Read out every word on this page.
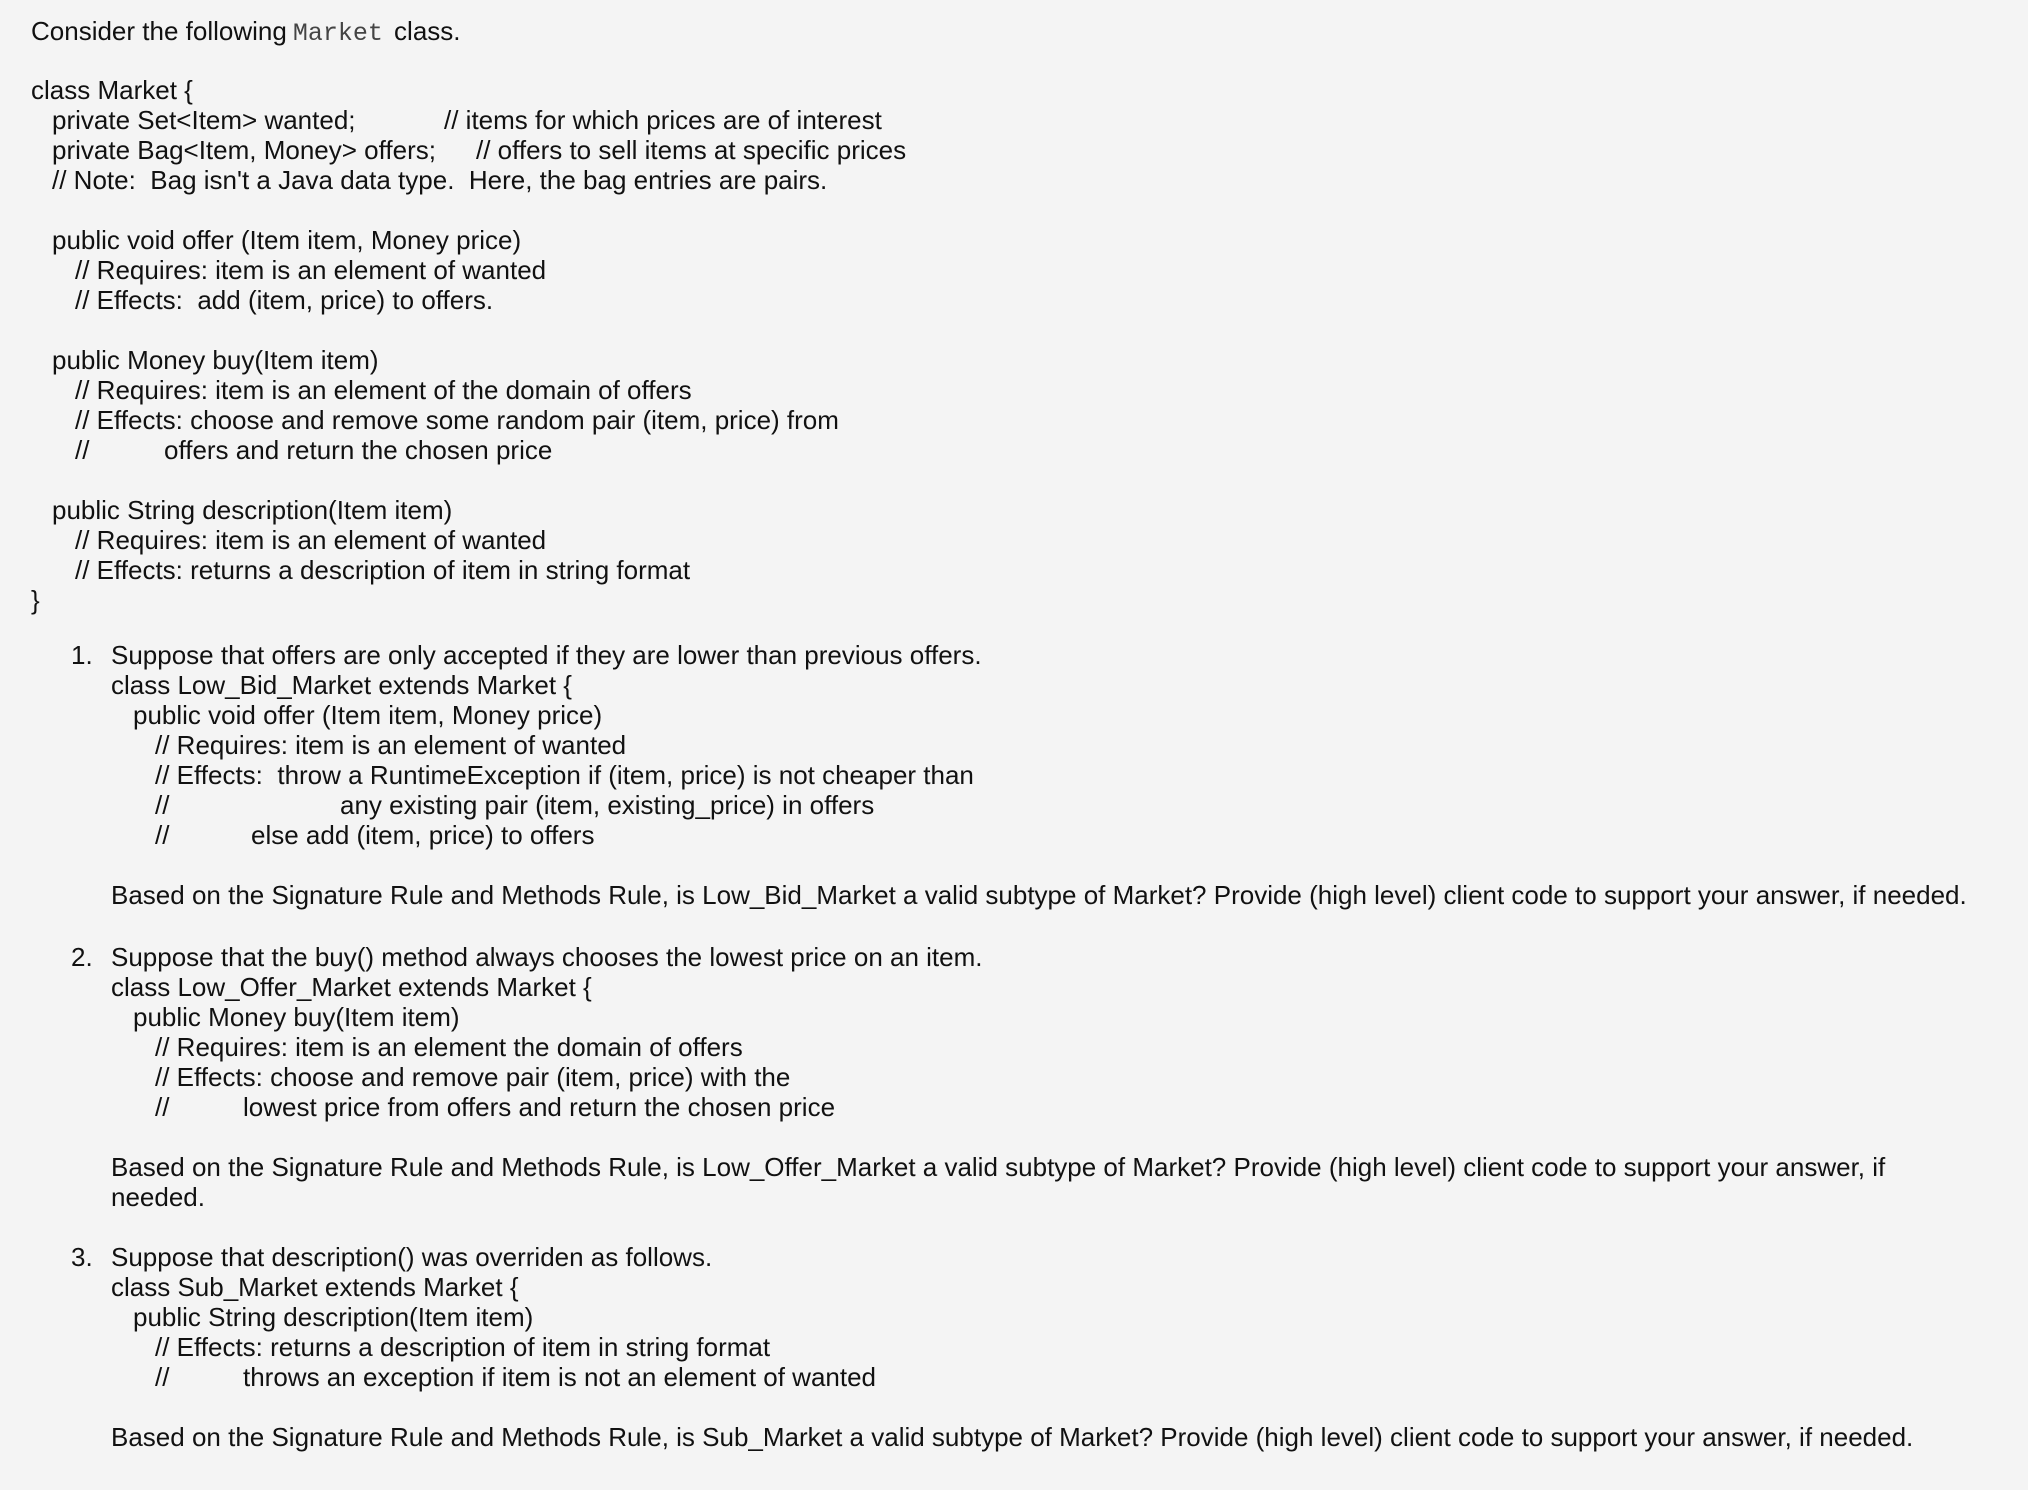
Consider the following Market class.
class Market {
private Set<Item> wanted;	// items for which prices are of interest
private Bag<Item, Money> offers; // offers to sell items at specific prices
// Note:  Bag isn't a Java data type.  Here, the bag entries are pairs.
public void offer (Item item, Money price)
// Requires: item is an element of wanted
// Effects:  add (item, price) to offers.
public Money buy(Item item)
// Requires: item is an element of the domain of offers
// Effects: choose and remove some random pair (item, price) from
//	offers and return the chosen price
public String description(Item item)
// Requires: item is an element of wanted
// Effects: returns a description of item in string format
}
1. Suppose that offers are only accepted if they are lower than previous offers.
class Low_Bid_Market extends Market {
public void offer (Item item, Money price)
// Requires: item is an element of wanted
// Effects:  throw a RuntimeException if (item, price) is not cheaper than
//	any existing pair (item, existing_price) in offers
//	else add (item, price) to offers
Based on the Signature Rule and Methods Rule, is Low_Bid_Market a valid subtype of Market? Provide (high level) client code to support your answer, if needed.
2. Suppose that the buy() method always chooses the lowest price on an item.
class Low_Offer_Market extends Market {
public Money buy(Item item)
// Requires: item is an element the domain of offers
// Effects: choose and remove pair (item, price) with the
//	lowest price from offers and return the chosen price
Based on the Signature Rule and Methods Rule, is Low_Offer_Market a valid subtype of Market? Provide (high level) client code to support your answer, if
needed.
3. Suppose that description() was overriden as follows.
class Sub_Market extends Market {
public String description(Item item)
// Effects: returns a description of item in string format
//	throws an exception if item is not an element of wanted
Based on the Signature Rule and Methods Rule, is Sub_Market a valid subtype of Market? Provide (high level) client code to support your answer, if needed.
